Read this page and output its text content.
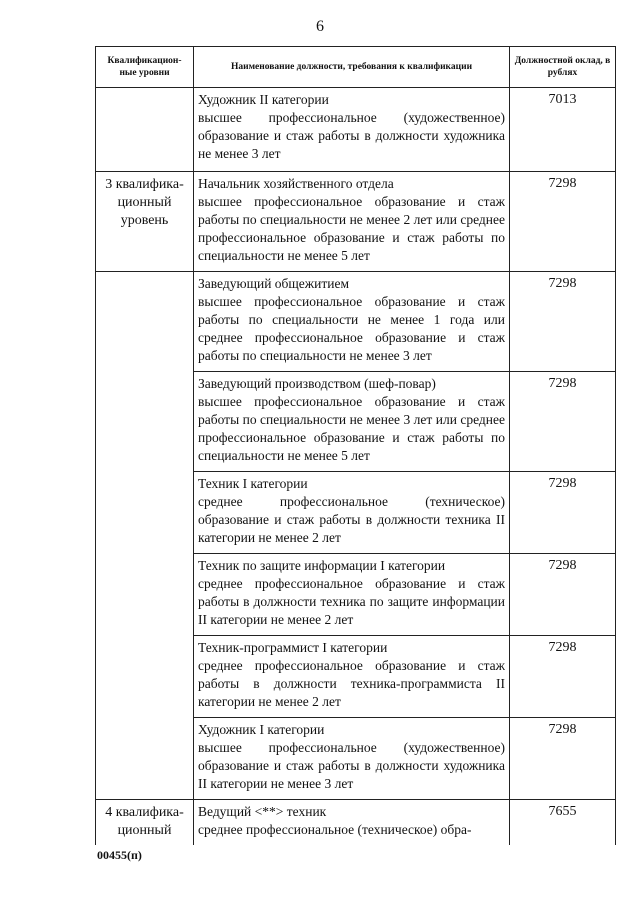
6
Квалификацион-ные уровни	Наименование должности, требования к квалификации	Должностной оклад, в рублях

	Художник II категории
высшее профессиональное (художественное) образование и стаж работы в должности художника не менее 3 лет	7013
3 квалифика-ционный уровень	Начальник хозяйственного отдела
высшее профессиональное образование и стаж работы по специальности не менее 2 лет или среднее профессиональное образование и стаж работы по специальности не менее 5 лет	7298

	Заведующий общежитием
высшее профессиональное образование и стаж работы по специальности не менее 1 года или среднее профессиональное образование и стаж работы по специальности не менее 3 лет	7298

	Заведующий производством (шеф-повар)
высшее профессиональное образование и стаж работы по специальности не менее 3 лет или среднее профессиональное образование и стаж работы по специальности не менее 5 лет	7298

	Техник I категории
среднее профессиональное (техническое) образование и стаж работы в должности техника II категории не менее 2 лет	7298

	Техник по защите информации I категории
среднее профессиональное образование и стаж работы в должности техника по защите информации II категории не менее 2 лет	7298

	Техник-программист I категории
среднее профессиональное образование и стаж работы в должности техника-программиста II категории не менее 2 лет	7298

	Художник I категории
высшее профессиональное (художественное) образование и стаж работы в должности художника II категории не менее 3 лет	7298
4 квалифика-ционный	Ведущий <**> техник
среднее профессиональное (техническое) обра-	7655
00455(п)
